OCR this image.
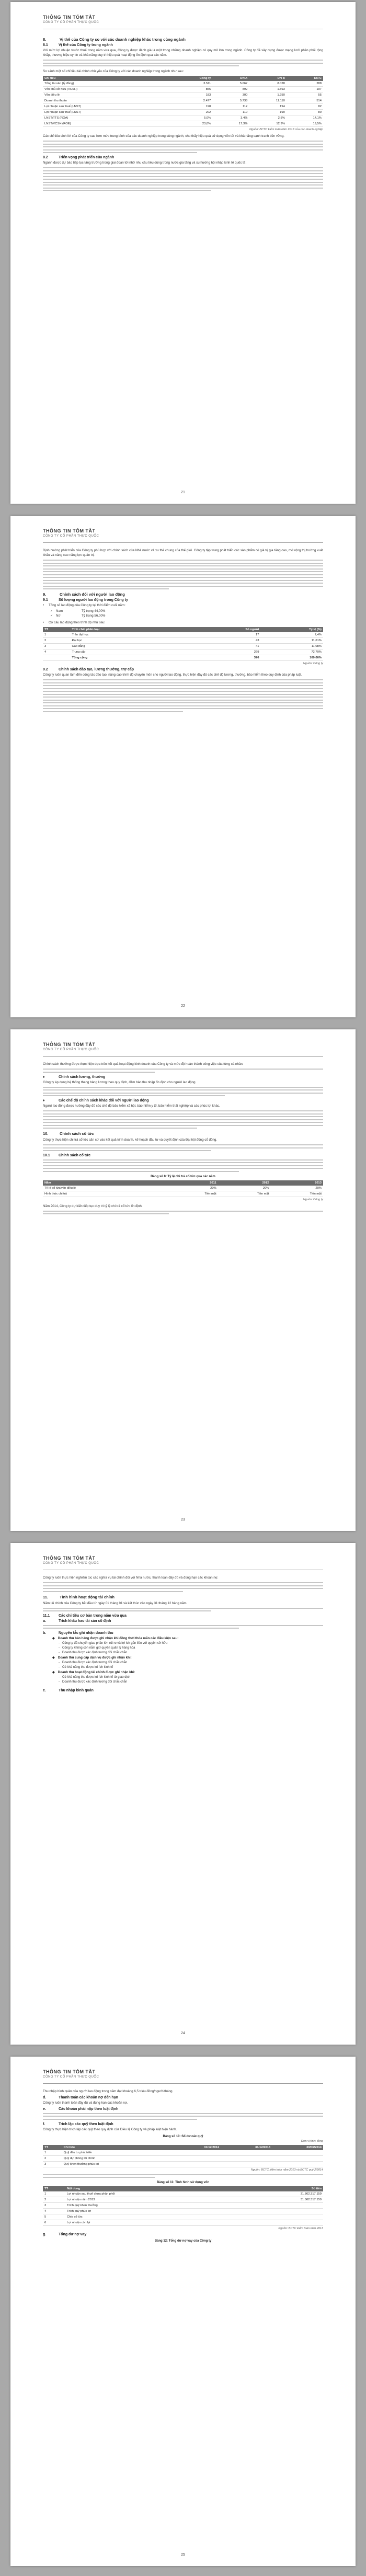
THÔNG TIN TÓM TẮT
CÔNG TY CỔ PHẦN THỰC QUỐC
8.	Vị thế của Công ty so với các doanh nghiệp khác trong cùng ngành
8.1	Vị thế của Công ty trong ngành

Với mức lợi nhuận trước thuế trong năm vừa qua, Công ty được đánh giá là một trong những doanh nghiệp có quy mô lớn trong ngành. Công ty đã xây dựng được mạng lưới phân phối rộng khắp, thương hiệu uy tín và khả năng duy trì hiệu quả hoạt động ổn định qua các năm.

So sánh một số chỉ tiêu tài chính chủ yếu của Công ty với các doanh nghiệp trong ngành như sau:

Chỉ tiêu	Công ty	DN A	DN B	DN C
Tổng tài sản (tỷ đồng)	3.511	5.667	8.028	288
Vốn chủ sở hữu (VCSH)	856	892	1.593	197
Vốn điều lệ	183	300	1.250	55
Doanh thu thuần	2.477	5.738	11.110	514
Lợi nhuận sau thuế (LNST)	198	112	194	82
Lợi nhuận sau thuế (LNST)	202	110	190	80
LNST/TTS (ROA)	5,0%	3,4%	2,5%	14,1%
LNST/VCSH (ROE)	23,0%	17,3%	12,9%	19,5%
Nguồn: BCTC kiểm toán năm 2013 của các doanh nghiệp

Các chỉ tiêu sinh lời của Công ty cao hơn mức trung bình của các doanh nghiệp trong cùng ngành, cho thấy hiệu quả sử dụng vốn tốt và khả năng cạnh tranh bền vững.

8.2	Triển vọng phát triển của ngành

Ngành được dự báo tiếp tục tăng trưởng trong giai đoạn tới nhờ nhu cầu tiêu dùng trong nước gia tăng và xu hướng hội nhập kinh tế quốc tế.

21
THÔNG TIN TÓM TẮT
CÔNG TY CỔ PHẦN THỰC QUỐC

Định hướng phát triển của Công ty phù hợp với chính sách của Nhà nước và xu thế chung của thế giới. Công ty tập trung phát triển các sản phẩm có giá trị gia tăng cao, mở rộng thị trường xuất khẩu và nâng cao năng lực quản trị.

9.	Chính sách đối với người lao động
9.1	Số lượng người lao động trong Công ty
•	Tổng số lao động của Công ty tại thời điểm cuối năm:
✓ Nam	Tỷ trọng 44,00%
✓ Nữ	Tỷ trọng 56,00%
•	Cơ cấu lao động theo trình độ như sau:
TT	Tính chất phân loại	Số người	Tỷ lệ (%)
1	Trên đại học	17	2,4%
2	Đại học	43	11,61%
3	Cao đẳng	41	11,08%
4	Trung cấp	269	72,70%
	Tổng cộng	370	100,00%
Nguồn: Công ty
9.2	Chính sách đào tạo, lương thưởng, trợ cấp

Công ty luôn quan tâm đến công tác đào tạo, nâng cao trình độ chuyên môn cho người lao động, thực hiện đầy đủ các chế độ lương, thưởng, bảo hiểm theo quy định của pháp luật.

22
THÔNG TIN TÓM TẮT
CÔNG TY CỔ PHẦN THỰC QUỐC

Chính sách thưởng được thực hiện dựa trên kết quả hoạt động kinh doanh của Công ty và mức độ hoàn thành công việc của từng cá nhân.

♦	Chính sách lương, thưởng

Công ty áp dụng hệ thống thang bảng lương theo quy định, đảm bảo thu nhập ổn định cho người lao động.

♦	Các chế độ chính sách khác đối với người lao động

Người lao động được hưởng đầy đủ các chế độ bảo hiểm xã hội, bảo hiểm y tế, bảo hiểm thất nghiệp và các phúc lợi khác.

10.	Chính sách cổ tức

Công ty thực hiện chi trả cổ tức căn cứ vào kết quả kinh doanh, kế hoạch đầu tư và quyết định của Đại hội đồng cổ đông.

10.1	Chính sách cổ tức
Bảng số 8: Tỷ lệ chi trả cổ tức qua các năm
Năm	2011	2012	2013
Tỷ lệ cổ tức/vốn điều lệ	20%	20%	20%
Hình thức chi trả	Tiền mặt	Tiền mặt	Tiền mặt
Nguồn: Công ty

Năm 2014, Công ty dự kiến tiếp tục duy trì tỷ lệ chi trả cổ tức ổn định.

23
THÔNG TIN TÓM TẮT
CÔNG TY CỔ PHẦN THỰC QUỐC

Công ty luôn thực hiện nghiêm túc các nghĩa vụ tài chính đối với Nhà nước, thanh toán đầy đủ và đúng hạn các khoản nợ.

11.	Tình hình hoạt động tài chính

Năm tài chính của Công ty bắt đầu từ ngày 01 tháng 01 và kết thúc vào ngày 31 tháng 12 hàng năm.

11.1	Các chỉ tiêu cơ bản trong năm vừa qua
a.	Trích khấu hao tài sản cố định
b.	Nguyên tắc ghi nhận doanh thu
◆ Doanh thu bán hàng được ghi nhận khi đồng thời thỏa mãn các điều kiện sau:
- Công ty đã chuyển giao phần lớn rủi ro và lợi ích gắn liền với quyền sở hữu
- Công ty không còn nắm giữ quyền quản lý hàng hóa
- Doanh thu được xác định tương đối chắc chắn
◆ Doanh thu cung cấp dịch vụ được ghi nhận khi:
- Doanh thu được xác định tương đối chắc chắn
- Có khả năng thu được lợi ích kinh tế
◆ Doanh thu hoạt động tài chính được ghi nhận khi:
- Có khả năng thu được lợi ích kinh tế từ giao dịch
- Doanh thu được xác định tương đối chắc chắn
c.	Thu nhập bình quân
24
THÔNG TIN TÓM TẮT
CÔNG TY CỔ PHẦN THỰC QUỐC

Thu nhập bình quân của người lao động trong năm đạt khoảng 6,5 triệu đồng/người/tháng.

d.	Thanh toán các khoản nợ đến hạn

Công ty luôn thanh toán đầy đủ và đúng hạn các khoản nợ.

e.	Các khoản phải nộp theo luật định
f.	Trích lập các quỹ theo luật định

Công ty thực hiện trích lập các quỹ theo quy định của Điều lệ Công ty và pháp luật hiện hành.

Bảng số 10: Số dư các quỹ
Đơn vị tính: đồng
TT	Chỉ tiêu	31/12/2012	31/12/2013	30/06/2014
1	Quỹ đầu tư phát triển			
2	Quỹ dự phòng tài chính			
3	Quỹ khen thưởng phúc lợi			
Nguồn: BCTC kiểm toán năm 2013 và BCTC quý 2/2014
Bảng số 11: Tình hình sử dụng vốn
TT	Nội dung		Số tiền
1	Lợi nhuận sau thuế chưa phân phối		31.862.317.159
2	Lợi nhuận năm 2013		31.862.317.159
3	Trích quỹ khen thưởng		
4	Trích quỹ phúc lợi		
5	Chia cổ tức		
6	Lợi nhuận còn lại		
Nguồn: BCTC kiểm toán năm 2013
g.	Tổng dư nợ vay
Bảng 12: Tổng dư nợ vay của Công ty
25
